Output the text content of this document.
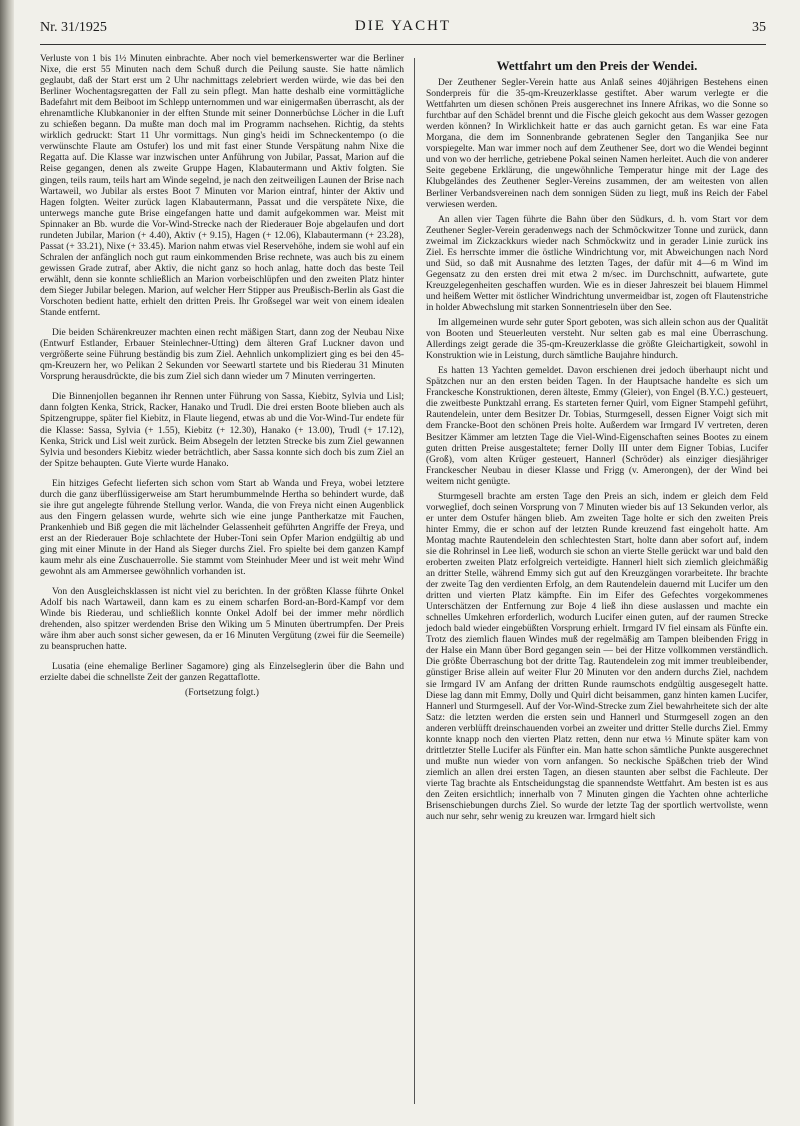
Nr. 31/1925	DIE YACHT	35

Verluste von 1 bis 1½ Minuten einbrachte. Aber noch viel bemerkenswerter war die Berliner Nixe, die erst 55 Minuten nach dem Schuß durch die Peilung sauste. Sie hatte nämlich geglaubt, daß der Start erst um 2 Uhr nachmittags zelebriert werden würde, wie das bei den Berliner Wochentagsregatten der Fall zu sein pflegt. Man hatte deshalb eine vormittägliche Badefahrt mit dem Beiboot im Schlepp unternommen und war einigermaßen überrascht, als der ehrenamtliche Klubkanonier in der elften Stunde mit seiner Donnerbüchse Löcher in die Luft zu schießen begann. Da mußte man doch mal im Programm nachsehen. Richtig, da stehts wirklich gedruckt: Start 11 Uhr vormittags. Nun ging's heidi im Schneckentempo (o die verwünschte Flaute am Ostufer) los und mit fast einer Stunde Verspätung nahm Nixe die Regatta auf. Die Klasse war inzwischen unter Anführung von Jubilar, Passat, Marion auf die Reise gegangen, denen als zweite Gruppe Hagen, Klabautermann und Aktiv folgten. Sie gingen, teils raum, teils hart am Winde segelnd, je nach den zeitweiligen Launen der Brise nach Wartaweil, wo Jubilar als erstes Boot 7 Minuten vor Marion eintraf, hinter der Aktiv und Hagen folgten. Weiter zurück lagen Klabautermann, Passat und die verspätete Nixe, die unterwegs manche gute Brise eingefangen hatte und damit aufgekommen war. Meist mit Spinnaker an Bb. wurde die Vor-Wind-Strecke nach der Riederauer Boje abgelaufen und dort rundeten Jubilar, Marion (+ 4.40), Aktiv (+ 9.15), Hagen (+ 12.06), Klabautermann (+ 23.28), Passat (+ 33.21), Nixe (+ 33.45). Marion nahm etwas viel Reservehöhe, indem sie wohl auf ein Schralen der anfänglich noch gut raum einkommenden Brise rechnete, was auch bis zu einem gewissen Grade zutraf, aber Aktiv, die nicht ganz so hoch anlag, hatte doch das beste Teil erwählt, denn sie konnte schließlich an Marion vorbeischlüpfen und den zweiten Platz hinter dem Sieger Jubilar belegen. Marion, auf welcher Herr Stipper aus Preußisch-Berlin als Gast die Vorschoten bedient hatte, erhielt den dritten Preis. Ihr Großsegel war weit von einem idealen Stande entfernt.

Die beiden Schärenkreuzer machten einen recht mäßigen Start, dann zog der Neubau Nixe (Entwurf Estlander, Erbauer Steinlechner-Utting) dem älteren Graf Luckner davon und vergrößerte seine Führung beständig bis zum Ziel. Aehnlich unkompliziert ging es bei den 45-qm-Kreuzern her, wo Pelikan 2 Sekunden vor Seewartl startete und bis Riederau 31 Minuten Vorsprung herausdrückte, die bis zum Ziel sich dann wieder um 7 Minuten verringerten.

Die Binnenjollen begannen ihr Rennen unter Führung von Sassa, Kiebitz, Sylvia und Lisl; dann folgten Kenka, Strick, Racker, Hanako und Trudl. Die drei ersten Boote blieben auch als Spitzengruppe, später fiel Kiebitz, in Flaute liegend, etwas ab und die Vor-Wind-Tur endete für die Klasse: Sassa, Sylvia (+ 1.55), Kiebitz (+ 12.30), Hanako (+ 13.00), Trudl (+ 17.12), Kenka, Strick und Lisl weit zurück. Beim Absegeln der letzten Strecke bis zum Ziel gewannen Sylvia und besonders Kiebitz wieder beträchtlich, aber Sassa konnte sich doch bis zum Ziel an der Spitze behaupten. Gute Vierte wurde Hanako.

Ein hitziges Gefecht lieferten sich schon vom Start ab Wanda und Freya, wobei letztere durch die ganz überflüssigerweise am Start herumbummelnde Hertha so behindert wurde, daß sie ihre gut angelegte führende Stellung verlor. Wanda, die von Freya nicht einen Augenblick aus den Fingern gelassen wurde, wehrte sich wie eine junge Pantherkatze mit Fauchen, Prankenhieb und Biß gegen die mit lächelnder Gelassenheit geführten Angriffe der Freya, und erst an der Riederauer Boje schlachtete der Huber-Toni sein Opfer Marion endgültig ab und ging mit einer Minute in der Hand als Sieger durchs Ziel. Fro spielte bei dem ganzen Kampf kaum mehr als eine Zuschauerrolle. Sie stammt vom Steinhuder Meer und ist weit mehr Wind gewohnt als am Ammersee gewöhnlich vorhanden ist.

Von den Ausgleichsklassen ist nicht viel zu berichten. In der größten Klasse führte Onkel Adolf bis nach Wartaweil, dann kam es zu einem scharfen Bord-an-Bord-Kampf vor dem Winde bis Riederau, und schließlich konnte Onkel Adolf bei der immer mehr nördlich drehenden, also spitzer werdenden Brise den Wiking um 5 Minuten übertrumpfen. Der Preis wäre ihm aber auch sonst sicher gewesen, da er 16 Minuten Vergütung (zwei für die Seemeile) zu beanspruchen hatte.

Lusatia (eine ehemalige Berliner Sagamore) ging als Einzelseglerin über die Bahn und erzielte dabei die schnellste Zeit der ganzen Regattaflotte.

(Fortsetzung folgt.)

Wettfahrt um den Preis der Wendei.

Der Zeuthener Segler-Verein hatte aus Anlaß seines 40jährigen Bestehens einen Sonderpreis für die 35-qm-Kreuzerklasse gestiftet. Aber warum verlegte er die Wettfahrten um diesen schönen Preis ausgerechnet ins Innere Afrikas, wo die Sonne so furchtbar auf den Schädel brennt und die Fische gleich gekocht aus dem Wasser gezogen werden können? In Wirklichkeit hatte er das auch garnicht getan. Es war eine Fata Morgana, die dem im Sonnenbrande gebratenen Segler den Tanganjika See nur vorspiegelte. Man war immer noch auf dem Zeuthener See, dort wo die Wendei beginnt und von wo der herrliche, getriebene Pokal seinen Namen herleitet. Auch die von anderer Seite gegebene Erklärung, die ungewöhnliche Temperatur hinge mit der Lage des Klubgeländes des Zeuthener Segler-Vereins zusammen, der am weitesten von allen Berliner Verbandsvereinen nach dem sonnigen Süden zu liegt, muß ins Reich der Fabel verwiesen werden.

An allen vier Tagen führte die Bahn über den Südkurs, d. h. vom Start vor dem Zeuthener Segler-Verein geradenwegs nach der Schmöckwitzer Tonne und zurück, dann zweimal im Zickzackkurs wieder nach Schmöckwitz und in gerader Linie zurück ins Ziel. Es herrschte immer die östliche Windrichtung vor, mit Abweichungen nach Nord und Süd, so daß mit Ausnahme des letzten Tages, der dafür mit 4—6 m Wind im Gegensatz zu den ersten drei mit etwa 2 m/sec. im Durchschnitt, aufwartete, gute Kreuzgelegenheiten geschaffen wurden. Wie es in dieser Jahreszeit bei blauem Himmel und heißem Wetter mit östlicher Windrichtung unvermeidbar ist, zogen oft Flautenstriche in holder Abwechslung mit starken Sonnentrieseln über den See.

Im allgemeinen wurde sehr guter Sport geboten, was sich allein schon aus der Qualität von Booten und Steuerleuten versteht. Nur selten gab es mal eine Überraschung. Allerdings zeigt gerade die 35-qm-Kreuzerklasse die größte Gleichartigkeit, sowohl in Konstruktion wie in Leistung, durch sämtliche Baujahre hindurch.

Es hatten 13 Yachten gemeldet. Davon erschienen drei jedoch überhaupt nicht und Spätzchen nur an den ersten beiden Tagen. In der Hauptsache handelte es sich um Franckesche Konstruktionen, deren älteste, Emmy (Gleier), von Engel (B.Y.C.) gesteuert, die zweitbeste Punktzahl errang. Es starteten ferner Quirl, vom Eigner Stampehl geführt, Rautendelein, unter dem Besitzer Dr. Tobias, Sturmgesell, dessen Eigner Voigt sich mit dem Francke-Boot den schönen Preis holte. Außerdem war Irmgard IV vertreten, deren Besitzer Kämmer am letzten Tage die Viel-Wind-Eigenschaften seines Bootes zu einem guten dritten Preise ausgestaltete; ferner Dolly III unter dem Eigner Tobias, Lucifer (Groß), vom alten Krüger gesteuert, Hannerl (Schröder) als einziger diesjähriger Franckescher Neubau in dieser Klasse und Frigg (v. Amerongen), der der Wind bei weitem nicht genügte.

Sturmgesell brachte am ersten Tage den Preis an sich, indem er gleich dem Feld vorweglief, doch seinen Vorsprung von 7 Minuten wieder bis auf 13 Sekunden verlor, als er unter dem Ostufer hängen blieb. Am zweiten Tage holte er sich den zweiten Preis hinter Emmy, die er schon auf der letzten Runde kreuzend fast eingeholt hatte. Am Montag machte Rautendelein den schlechtesten Start, holte dann aber sofort auf, indem sie die Rohrinsel in Lee ließ, wodurch sie schon an vierte Stelle gerückt war und bald den eroberten zweiten Platz erfolgreich verteidigte. Hannerl hielt sich ziemlich gleichmäßig an dritter Stelle, während Emmy sich gut auf den Kreuzgängen vorarbeitete. Ihr brachte der zweite Tag den verdienten Erfolg, an dem Rautendelein dauernd mit Lucifer um den dritten und vierten Platz kämpfte. Ein im Eifer des Gefechtes vorgekommenes Unterschätzen der Entfernung zur Boje 4 ließ ihn diese auslassen und machte ein schnelles Umkehren erforderlich, wodurch Lucifer einen guten, auf der raumen Strecke jedoch bald wieder eingebüßten Vorsprung erhielt. Irmgard IV fiel einsam als Fünfte ein. Trotz des ziemlich flauen Windes muß der regelmäßig am Tampen bleibenden Frigg in der Halse ein Mann über Bord gegangen sein — bei der Hitze vollkommen verständlich. Die größte Überraschung bot der dritte Tag. Rautendelein zog mit immer treubleibender, günstiger Brise allein auf weiter Flur 20 Minuten vor den andern durchs Ziel, nachdem sie Irmgard IV am Anfang der dritten Runde raumschots endgültig ausgesegelt hatte. Diese lag dann mit Emmy, Dolly und Quirl dicht beisammen, ganz hinten kamen Lucifer, Hannerl und Sturmgesell. Auf der Vor-Wind-Strecke zum Ziel bewahrheitete sich der alte Satz: die letzten werden die ersten sein und Hannerl und Sturmgesell zogen an den anderen verblüfft dreinschauenden vorbei an zweiter und dritter Stelle durchs Ziel. Emmy konnte knapp noch den vierten Platz retten, denn nur etwa ½ Minute später kam von drittletzter Stelle Lucifer als Fünfter ein. Man hatte schon sämtliche Punkte ausgerechnet und mußte nun wieder von vorn anfangen. So neckische Späßchen trieb der Wind ziemlich an allen drei ersten Tagen, an diesen staunten aber selbst die Fachleute. Der vierte Tag brachte als Entscheidungstag die spannendste Wettfahrt. Am besten ist es aus den Zeiten ersichtlich; innerhalb von 7 Minuten gingen die Yachten ohne achterliche Brisenschiebungen durchs Ziel. So wurde der letzte Tag der sportlich wertvollste, wenn auch nur sehr, sehr wenig zu kreuzen war. Irmgard hielt sich
